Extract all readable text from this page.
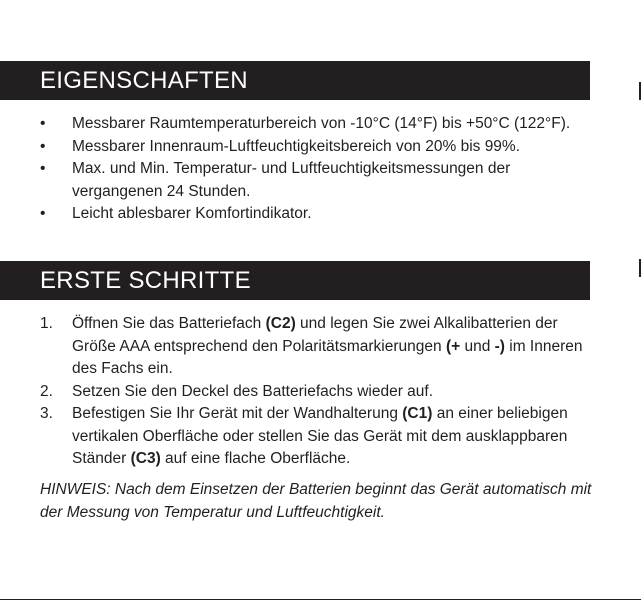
EIGENSCHAFTEN
• Messbarer Raumtemperaturbereich von -10°C (14°F) bis +50°C (122°F).
• Messbarer Innenraum-Luftfeuchtigkeitsbereich von 20% bis 99%.
• Max. und Min. Temperatur- und Luftfeuchtigkeitsmessungen der vergangenen 24 Stunden.
• Leicht ablesbarer Komfortindikator.
ERSTE SCHRITTE
1. Öffnen Sie das Batteriefach (C2) und legen Sie zwei Alkalibatterien der Größe AAA entsprechend den Polaritätsmarkierungen (+ und -) im Inneren des Fachs ein.
2. Setzen Sie den Deckel des Batteriefachs wieder auf.
3. Befestigen Sie Ihr Gerät mit der Wandhalterung (C1) an einer beliebigen vertikalen Oberfläche oder stellen Sie das Gerät mit dem ausklappbaren Ständer (C3) auf eine flache Oberfläche.

HINWEIS: Nach dem Einsetzen der Batterien beginnt das Gerät automatisch mit der Messung von Temperatur und Luftfeuchtigkeit.
